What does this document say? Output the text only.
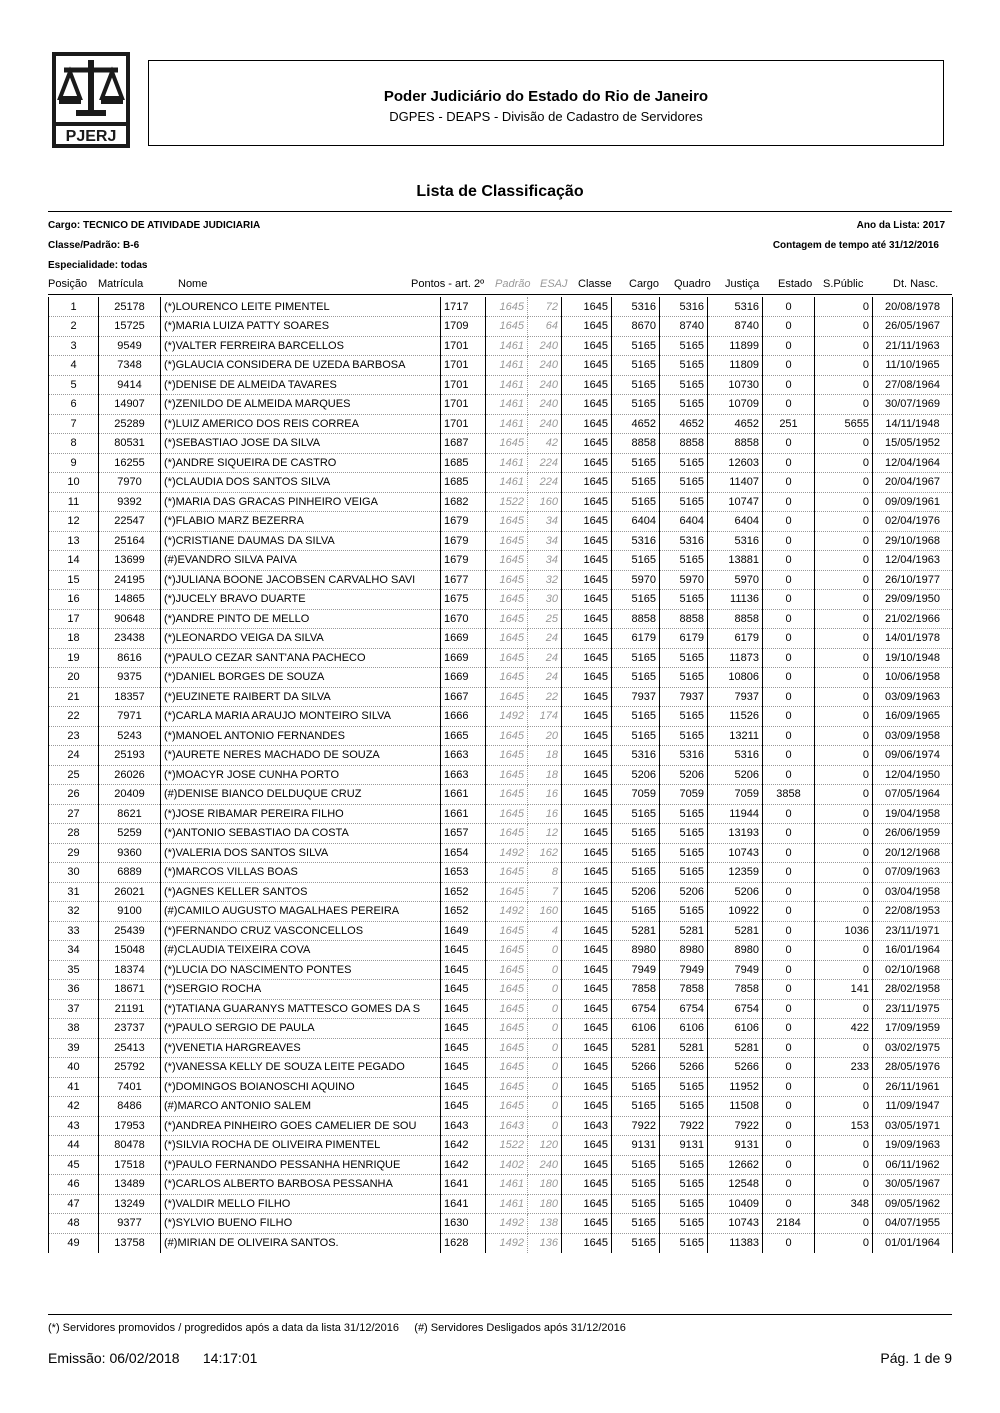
PJERJ
Poder Judiciário do Estado do Rio de Janeiro
DGPES - DEAPS - Divisão de Cadastro de Servidores
Lista de Classificação
Cargo: TECNICO DE ATIVIDADE JUDICIARIA	Ano da Lista: 2017
Classe/Padrão: B-6	Contagem de tempo até 31/12/2016
Especialidade: todas
Posição Matrícula	Nome	Pontos - art. 2º Padrão ESAJ Classe Cargo Quadro Justiça Estado S.Públic	Dt. Nasc.
1	25178	(*)LOURENCO LEITE PIMENTEL	1717	1645	72	1645	5316	5316	5316	0	0	20/08/1978
2	15725	(*)MARIA LUIZA PATTY SOARES	1709	1645	64	1645	8670	8740	8740	0	0	26/05/1967
3	9549	(*)VALTER FERREIRA BARCELLOS	1701	1461	240	1645	5165	5165	11899	0	0	21/11/1963
4	7348	(*)GLAUCIA CONSIDERA DE UZEDA BARBOSA	1701	1461	240	1645	5165	5165	11809	0	0	11/10/1965
5	9414	(*)DENISE DE ALMEIDA TAVARES	1701	1461	240	1645	5165	5165	10730	0	0	27/08/1964
6	14907	(*)ZENILDO DE ALMEIDA MARQUES	1701	1461	240	1645	5165	5165	10709	0	0	30/07/1969
7	25289	(*)LUIZ AMERICO DOS REIS CORREA	1701	1461	240	1645	4652	4652	4652	251	5655	14/11/1948
8	80531	(*)SEBASTIAO JOSE DA SILVA	1687	1645	42	1645	8858	8858	8858	0	0	15/05/1952
9	16255	(*)ANDRE SIQUEIRA DE CASTRO	1685	1461	224	1645	5165	5165	12603	0	0	12/04/1964
10	7970	(*)CLAUDIA DOS SANTOS SILVA	1685	1461	224	1645	5165	5165	11407	0	0	20/04/1967
11	9392	(*)MARIA DAS GRACAS PINHEIRO VEIGA	1682	1522	160	1645	5165	5165	10747	0	0	09/09/1961
12	22547	(*)FLABIO MARZ BEZERRA	1679	1645	34	1645	6404	6404	6404	0	0	02/04/1976
13	25164	(*)CRISTIANE DAUMAS DA SILVA	1679	1645	34	1645	5316	5316	5316	0	0	29/10/1968
14	13699	(#)EVANDRO SILVA PAIVA	1679	1645	34	1645	5165	5165	13881	0	0	12/04/1963
15	24195	(*)JULIANA BOONE JACOBSEN CARVALHO SAVI	1677	1645	32	1645	5970	5970	5970	0	0	26/10/1977
16	14865	(*)JUCELY BRAVO DUARTE	1675	1645	30	1645	5165	5165	11136	0	0	29/09/1950
17	90648	(*)ANDRE PINTO DE MELLO	1670	1645	25	1645	8858	8858	8858	0	0	21/02/1966
18	23438	(*)LEONARDO VEIGA DA SILVA	1669	1645	24	1645	6179	6179	6179	0	0	14/01/1978
19	8616	(*)PAULO CEZAR SANT'ANA PACHECO	1669	1645	24	1645	5165	5165	11873	0	0	19/10/1948
20	9375	(*)DANIEL BORGES DE SOUZA	1669	1645	24	1645	5165	5165	10806	0	0	10/06/1958
21	18357	(*)EUZINETE RAIBERT DA SILVA	1667	1645	22	1645	7937	7937	7937	0	0	03/09/1963
22	7971	(*)CARLA MARIA ARAUJO MONTEIRO SILVA	1666	1492	174	1645	5165	5165	11526	0	0	16/09/1965
23	5243	(*)MANOEL ANTONIO FERNANDES	1665	1645	20	1645	5165	5165	13211	0	0	03/09/1958
24	25193	(*)AURETE NERES MACHADO DE SOUZA	1663	1645	18	1645	5316	5316	5316	0	0	09/06/1974
25	26026	(*)MOACYR JOSE CUNHA PORTO	1663	1645	18	1645	5206	5206	5206	0	0	12/04/1950
26	20409	(#)DENISE BIANCO DELDUQUE CRUZ	1661	1645	16	1645	7059	7059	7059	3858	0	07/05/1964
27	8621	(*)JOSE RIBAMAR PEREIRA FILHO	1661	1645	16	1645	5165	5165	11944	0	0	19/04/1958
28	5259	(*)ANTONIO SEBASTIAO DA COSTA	1657	1645	12	1645	5165	5165	13193	0	0	26/06/1959
29	9360	(*)VALERIA DOS SANTOS SILVA	1654	1492	162	1645	5165	5165	10743	0	0	20/12/1968
30	6889	(*)MARCOS VILLAS BOAS	1653	1645	8	1645	5165	5165	12359	0	0	07/09/1963
31	26021	(*)AGNES KELLER SANTOS	1652	1645	7	1645	5206	5206	5206	0	0	03/04/1958
32	9100	(#)CAMILO AUGUSTO MAGALHAES PEREIRA	1652	1492	160	1645	5165	5165	10922	0	0	22/08/1953
33	25439	(*)FERNANDO CRUZ VASCONCELLOS	1649	1645	4	1645	5281	5281	5281	0	1036	23/11/1971
34	15048	(#)CLAUDIA TEIXEIRA COVA	1645	1645	0	1645	8980	8980	8980	0	0	16/01/1964
35	18374	(*)LUCIA DO NASCIMENTO PONTES	1645	1645	0	1645	7949	7949	7949	0	0	02/10/1968
36	18671	(*)SERGIO ROCHA	1645	1645	0	1645	7858	7858	7858	0	141	28/02/1958
37	21191	(*)TATIANA GUARANYS MATTESCO GOMES DA S	1645	1645	0	1645	6754	6754	6754	0	0	23/11/1975
38	23737	(*)PAULO SERGIO DE PAULA	1645	1645	0	1645	6106	6106	6106	0	422	17/09/1959
39	25413	(*)VENETIA HARGREAVES	1645	1645	0	1645	5281	5281	5281	0	0	03/02/1975
40	25792	(*)VANESSA KELLY DE SOUZA LEITE PEGADO	1645	1645	0	1645	5266	5266	5266	0	233	28/05/1976
41	7401	(*)DOMINGOS BOIANOSCHI AQUINO	1645	1645	0	1645	5165	5165	11952	0	0	26/11/1961
42	8486	(#)MARCO ANTONIO SALEM	1645	1645	0	1645	5165	5165	11508	0	0	11/09/1947
43	17953	(*)ANDREA PINHEIRO GOES CAMELIER DE SOU	1643	1643	0	1643	7922	7922	7922	0	153	03/05/1971
44	80478	(*)SILVIA ROCHA DE OLIVEIRA PIMENTEL	1642	1522	120	1645	9131	9131	9131	0	0	19/09/1963
45	17518	(*)PAULO FERNANDO PESSANHA HENRIQUE	1642	1402	240	1645	5165	5165	12662	0	0	06/11/1962
46	13489	(*)CARLOS ALBERTO BARBOSA PESSANHA	1641	1461	180	1645	5165	5165	12548	0	0	30/05/1967
47	13249	(*)VALDIR MELLO FILHO	1641	1461	180	1645	5165	5165	10409	0	348	09/05/1962
48	9377	(*)SYLVIO BUENO FILHO	1630	1492	138	1645	5165	5165	10743	2184	0	04/07/1955
49	13758	(#)MIRIAN DE OLIVEIRA SANTOS.	1628	1492	136	1645	5165	5165	11383	0	0	01/01/1964
(*) Servidores promovidos / progredidos após a data da lista 31/12/2016 (#) Servidores Desligados após 31/12/2016
Emissão: 06/02/2018 14:17:01	Pág. 1 de 9
